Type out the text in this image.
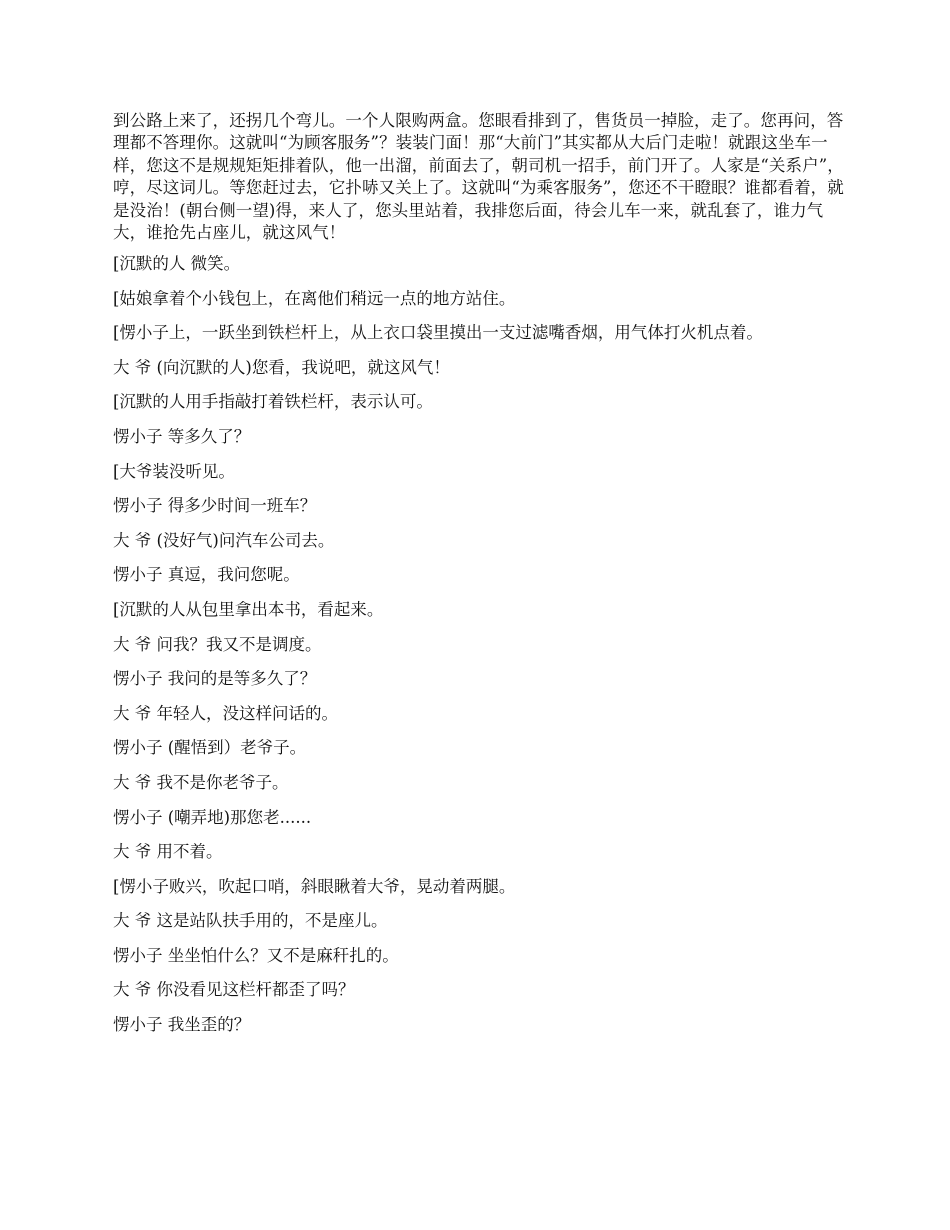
到公路上来了，还拐几个弯儿。一个人限购两盒。您眼看排到了，售货员一掉脸，走了。您再问，答理都不答理你。这就叫“为顾客服务”？装装门面！那“大前门”其实都从大后门走啦！就跟这坐车一样，您这不是规规矩矩排着队，他一出溜，前面去了，朝司机一招手，前门开了。人家是“关系户”，哼，尽这词儿。等您赶过去，它扑哧又关上了。这就叫“为乘客服务”，您还不干瞪眼？谁都看着，就是没治！(朝台侧一望)得，来人了，您头里站着，我排您后面，待会儿车一来，就乱套了，谁力气大，谁抢先占座儿，就这风气！

[沉默的人 微笑。

[姑娘拿着个小钱包上，在离他们稍远一点的地方站住。

[愣小子上，一跃坐到铁栏杆上，从上衣口袋里摸出一支过滤嘴香烟，用气体打火机点着。

大 爷 (向沉默的人)您看，我说吧，就这风气！

[沉默的人用手指敲打着铁栏杆，表示认可。

愣小子 等多久了？

[大爷装没听见。

愣小子 得多少时间一班车？

大 爷 (没好气)问汽车公司去。

愣小子 真逗，我问您呢。

[沉默的人从包里拿出本书，看起来。

大 爷 问我？我又不是调度。

愣小子 我问的是等多久了？

大 爷 年轻人，没这样问话的。

愣小子 (醒悟到）老爷子。

大 爷 我不是你老爷子。

愣小子 (嘲弄地)那您老......

大 爷 用不着。

[愣小子败兴，吹起口哨，斜眼瞅着大爷，晃动着两腿。

大 爷 这是站队扶手用的，不是座儿。

愣小子 坐坐怕什么？又不是麻秆扎的。

大 爷 你没看见这栏杆都歪了吗？

愣小子 我坐歪的？
